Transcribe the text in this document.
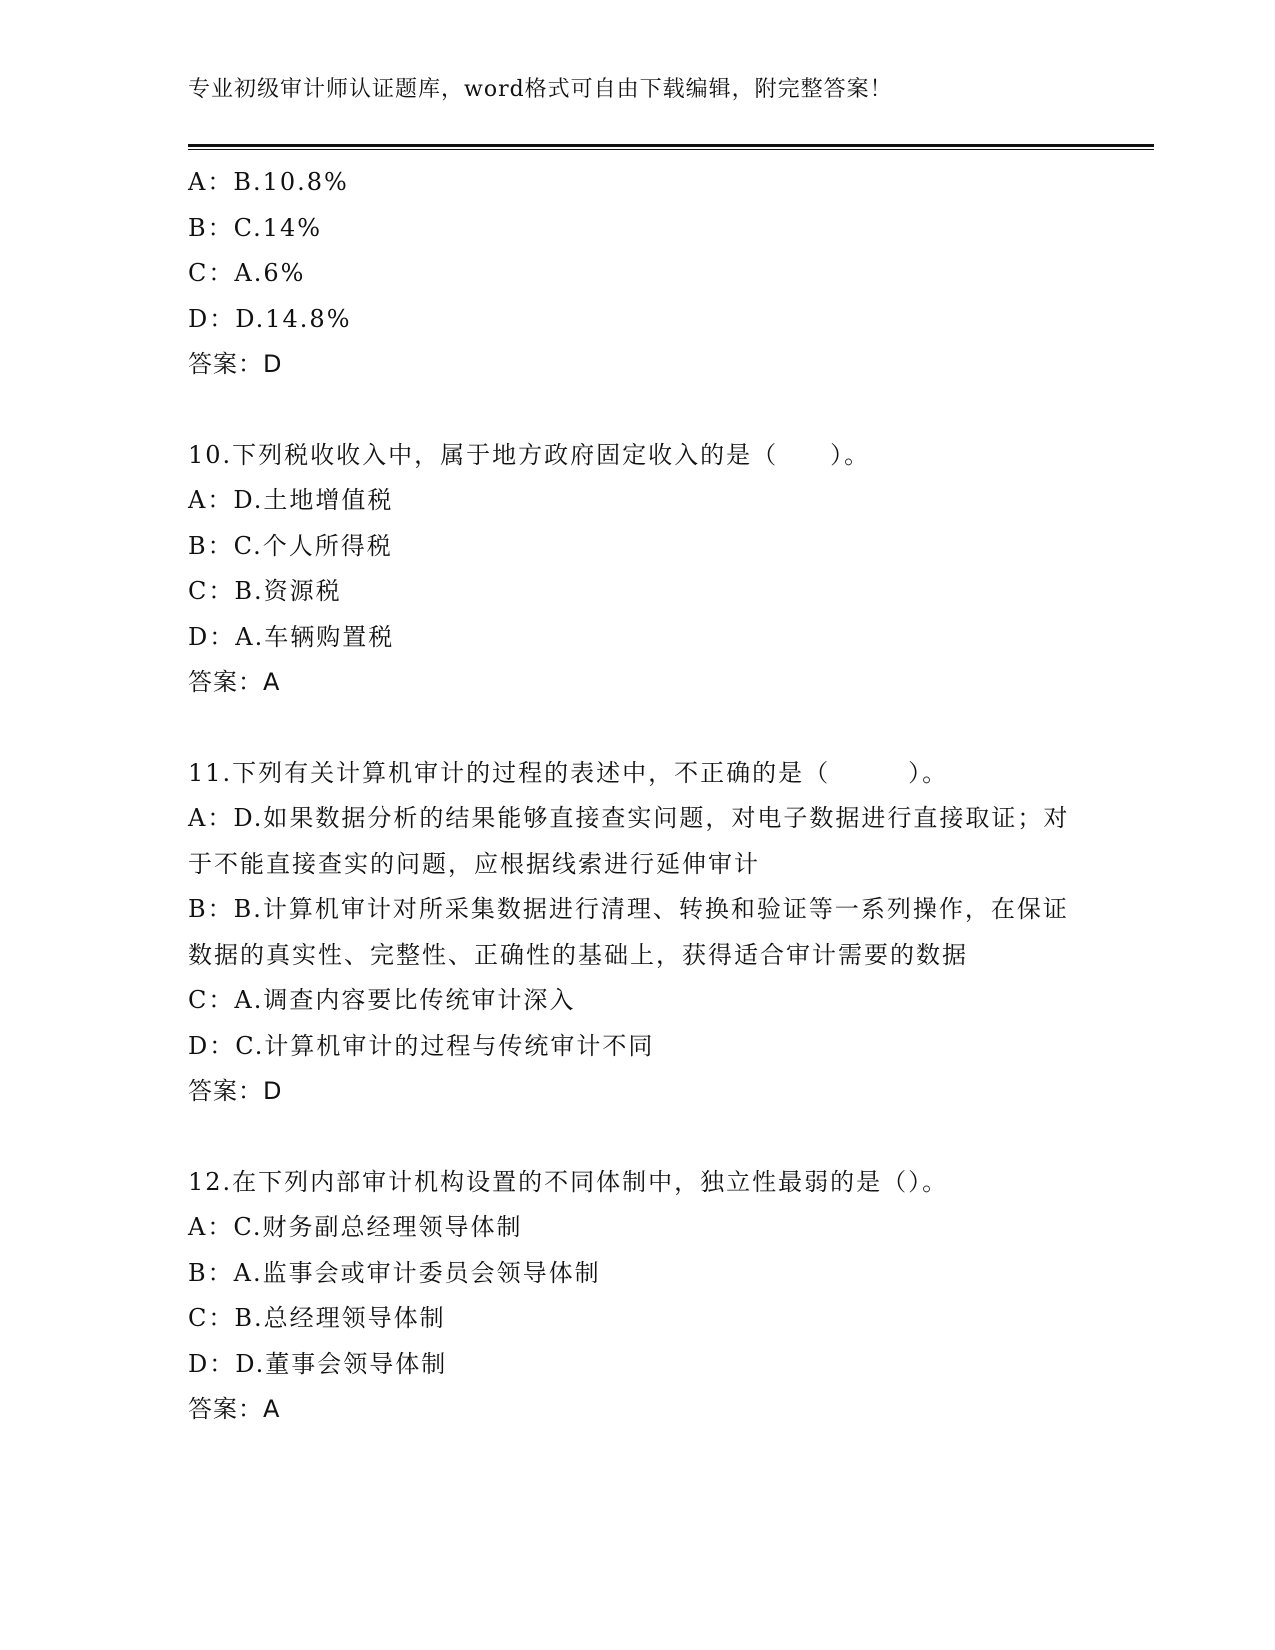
专业初级审计师认证题库，word格式可自由下载编辑，附完整答案！
A：B.10.8%
B：C.14%
C：A.6%
D：D.14.8%
答案：D
10.下列税收收入中，属于地方政府固定收入的是（　　）。
A：D.土地增值税
B：C.个人所得税
C：B.资源税
D：A.车辆购置税
答案：A
11.下列有关计算机审计的过程的表述中，不正确的是（　　　）。
A：D.如果数据分析的结果能够直接查实问题，对电子数据进行直接取证；对于不能直接查实的问题，应根据线索进行延伸审计
B：B.计算机审计对所采集数据进行清理、转换和验证等一系列操作，在保证数据的真实性、完整性、正确性的基础上，获得适合审计需要的数据
C：A.调查内容要比传统审计深入
D：C.计算机审计的过程与传统审计不同
答案：D
12.在下列内部审计机构设置的不同体制中，独立性最弱的是（）。
A：C.财务副总经理领导体制
B：A.监事会或审计委员会领导体制
C：B.总经理领导体制
D：D.董事会领导体制
答案：A
